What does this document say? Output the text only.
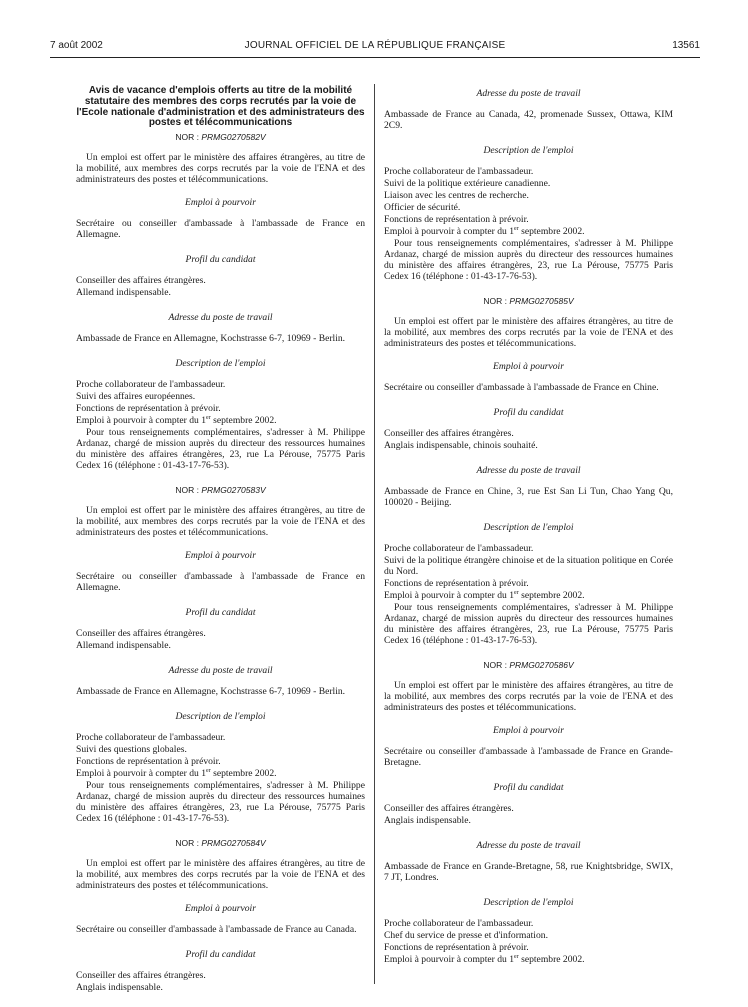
7 août 2002	JOURNAL OFFICIEL DE LA RÉPUBLIQUE FRANÇAISE	13561
Avis de vacance d'emplois offerts au titre de la mobilité statutaire des membres des corps recrutés par la voie de l'Ecole nationale d'administration et des administrateurs des postes et télécommunications
NOR : PRMG0270582V

Un emploi est offert par le ministère des affaires étrangères, au titre de la mobilité, aux membres des corps recrutés par la voie de l'ENA et des administrateurs des postes et télécommunications.

Emploi à pourvoir

Secrétaire ou conseiller d'ambassade à l'ambassade de France en Allemagne.

Profil du candidat

Conseiller des affaires étrangères.

Allemand indispensable.

Adresse du poste de travail

Ambassade de France en Allemagne, Kochstrasse 6-7, 10969 - Berlin.

Description de l'emploi

Proche collaborateur de l'ambassadeur.

Suivi des affaires européennes.

Fonctions de représentation à prévoir.

Emploi à pourvoir à compter du 1er septembre 2002.

Pour tous renseignements complémentaires, s'adresser à M. Philippe Ardanaz, chargé de mission auprès du directeur des ressources humaines du ministère des affaires étrangères, 23, rue La Pérouse, 75775 Paris Cedex 16 (téléphone : 01-43-17-76-53).

NOR : PRMG0270583V

Un emploi est offert par le ministère des affaires étrangères, au titre de la mobilité, aux membres des corps recrutés par la voie de l'ENA et des administrateurs des postes et télécommunications.

Emploi à pourvoir

Secrétaire ou conseiller d'ambassade à l'ambassade de France en Allemagne.

Profil du candidat

Conseiller des affaires étrangères.

Allemand indispensable.

Adresse du poste de travail

Ambassade de France en Allemagne, Kochstrasse 6-7, 10969 - Berlin.

Description de l'emploi

Proche collaborateur de l'ambassadeur.

Suivi des questions globales.

Fonctions de représentation à prévoir.

Emploi à pourvoir à compter du 1er septembre 2002.

Pour tous renseignements complémentaires, s'adresser à M. Philippe Ardanaz, chargé de mission auprès du directeur des ressources humaines du ministère des affaires étrangères, 23, rue La Pérouse, 75775 Paris Cedex 16 (téléphone : 01-43-17-76-53).

NOR : PRMG0270584V

Un emploi est offert par le ministère des affaires étrangères, au titre de la mobilité, aux membres des corps recrutés par la voie de l'ENA et des administrateurs des postes et télécommunications.

Emploi à pourvoir

Secrétaire ou conseiller d'ambassade à l'ambassade de France au Canada.

Profil du candidat

Conseiller des affaires étrangères.

Anglais indispensable.

Adresse du poste de travail

Ambassade de France au Canada, 42, promenade Sussex, Ottawa, KIM 2C9.

Description de l'emploi

Proche collaborateur de l'ambassadeur.

Suivi de la politique extérieure canadienne.

Liaison avec les centres de recherche.

Officier de sécurité.

Fonctions de représentation à prévoir.

Emploi à pourvoir à compter du 1er septembre 2002.

Pour tous renseignements complémentaires, s'adresser à M. Philippe Ardanaz, chargé de mission auprès du directeur des ressources humaines du ministère des affaires étrangères, 23, rue La Pérouse, 75775 Paris Cedex 16 (téléphone : 01-43-17-76-53).

NOR : PRMG0270585V

Un emploi est offert par le ministère des affaires étrangères, au titre de la mobilité, aux membres des corps recrutés par la voie de l'ENA et des administrateurs des postes et télécommunications.

Emploi à pourvoir

Secrétaire ou conseiller d'ambassade à l'ambassade de France en Chine.

Profil du candidat

Conseiller des affaires étrangères.

Anglais indispensable, chinois souhaité.

Adresse du poste de travail

Ambassade de France en Chine, 3, rue Est San Li Tun, Chao Yang Qu, 100020 - Beijing.

Description de l'emploi

Proche collaborateur de l'ambassadeur.

Suivi de la politique étrangère chinoise et de la situation politique en Corée du Nord.

Fonctions de représentation à prévoir.

Emploi à pourvoir à compter du 1er septembre 2002.

Pour tous renseignements complémentaires, s'adresser à M. Philippe Ardanaz, chargé de mission auprès du directeur des ressources humaines du ministère des affaires étrangères, 23, rue La Pérouse, 75775 Paris Cedex 16 (téléphone : 01-43-17-76-53).

NOR : PRMG0270586V

Un emploi est offert par le ministère des affaires étrangères, au titre de la mobilité, aux membres des corps recrutés par la voie de l'ENA et des administrateurs des postes et télécommunications.

Emploi à pourvoir

Secrétaire ou conseiller d'ambassade à l'ambassade de France en Grande-Bretagne.

Profil du candidat

Conseiller des affaires étrangères.

Anglais indispensable.

Adresse du poste de travail

Ambassade de France en Grande-Bretagne, 58, rue Knightsbridge, SWIX, 7 JT, Londres.

Description de l'emploi

Proche collaborateur de l'ambassadeur.

Chef du service de presse et d'information.

Fonctions de représentation à prévoir.

Emploi à pourvoir à compter du 1er septembre 2002.
